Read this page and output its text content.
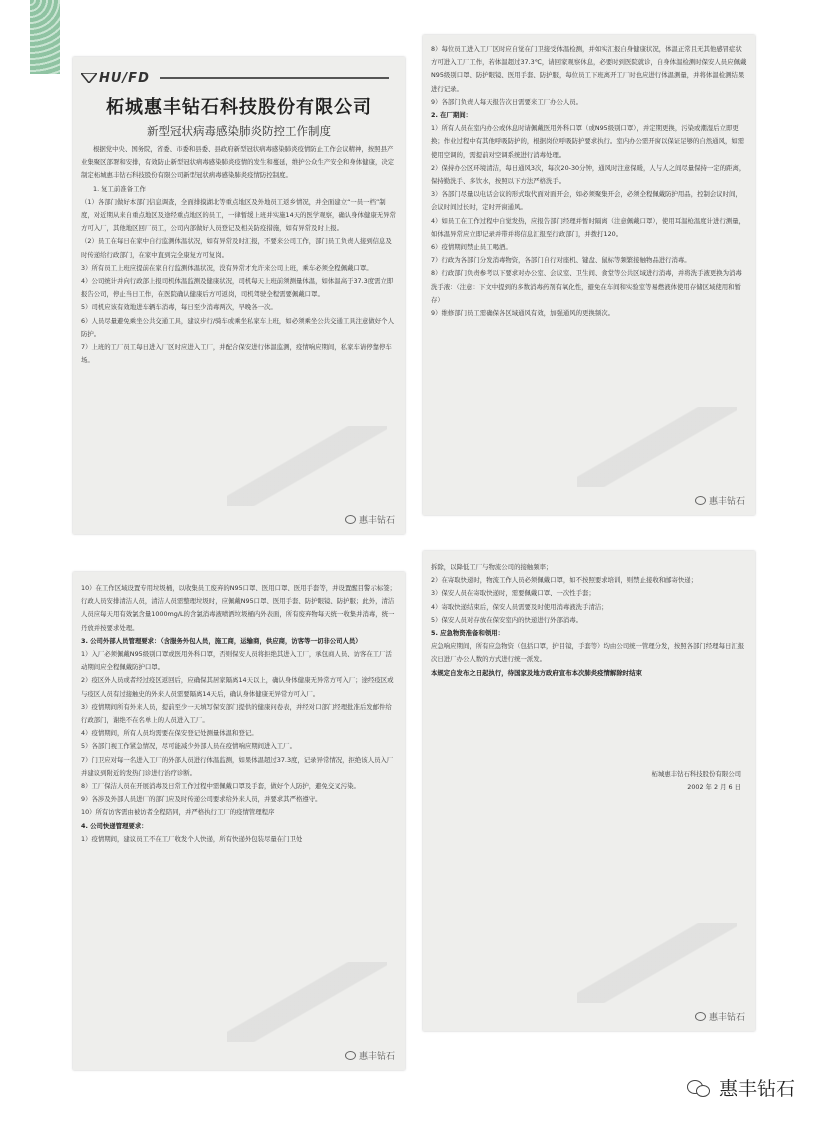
HU/FD
柘城惠丰钻石科技股份有限公司
新型冠状病毒感染肺炎防控工作制度

根据党中央、国务院，省委、市委和县委、县政府新型冠状病毒感染肺炎疫情防止工作会议精神，按照县产业集聚区部署和安排，有效防止新型冠状病毒感染肺炎疫情的发生和蔓延，维护公众生产安全和身体健康，决定制定柘城惠丰钻石科技股份有限公司新型冠状病毒感染肺炎疫情防控制度。

1. 复工前准备工作

（1）各部门做好本部门信息调查，全面排摸湖北等重点地区及外地员工返乡情况，并全面建立“一员一档”制度，对近期从来自重点地区及途经重点地区的员工，一律暂缓上班并实施14天的医学观察，确认身体健康无异常方可入厂，其他地区回厂员工，公司内部做好人员登记及相关防疫措施，如有异常及时上报。

（2）员工在每日在家中自行监测体温状况，如有异常及时汇报，不要来公司工作，部门员工负责人接到信息及时传递给行政部门，在家中直到完全康复方可复岗。

3）所有员工上班应提前在家自行监测体温状况，没有异常才允许来公司上班，乘车必须全程佩戴口罩。

4）公司统计并向行政部上报司机体温监测及健康状况，司机每天上班前须测量体温，如体温高于37.3度需立即报告公司，停止当日工作，在医院确认健康后方可返岗，司机驾驶全程需要佩戴口罩。

5）司机应该有效地进车辆车消毒，每日至少消毒两次，早晚各一次。

6）人员尽量避免乘坐公共交通工具，建议步行/骑车或乘坐私家车上班，如必须乘坐公共交通工具注意做好个人防护。

7）上班的工厂员工每日进入厂区时应进入工厂，并配合保安进行体温监测，疫情响应期间，私家车请停靠停车场。

惠丰钻石

8）每位员工进入工厂区时应自觉在门卫接受体温检测，并如实汇报自身健康状况，体温正常且无其他感冒症状方可进入工厂工作，若体温超过37.3℃，请回家观察休息，必要时到医院就诊，自身体温检测时保安人员应佩戴N95级别口罩、防护眼镜、医用手套、防护服，每位员工下班离开工厂时也应进行体温测量，并将体温检测结果进行记录。

9）各部门负责人每天报告次日需要来工厂办公人员。

2. 在厂期间：

1）所有人员在室内办公或休息时请佩戴医用外科口罩（或N95级别口罩），并定期更换，污染或潮湿后立即更换；作业过程中有其他呼吸防护的，根据岗位呼吸防护要求执行。室内办公需开窗以保证足够的自然通风，如需使用空调的，需提前对空调系统进行消毒处理。

2）保持办公区环境清洁，每日通风3次，每次20-30分钟，通风时注意保暖，人与人之间尽量保持一定的距离，保持勤洗手、多饮水，按照以下方法严格洗手。

3）各部门尽量以电话会议的形式取代面对面开会，如必须聚集开会，必须全程佩戴防护用品，控制会议时间，会议时间过长时，定时开窗通风。

4）如员工在工作过程中自觉发热，应报告部门经理并暂时隔离（注意佩戴口罩），使用耳温枪温度计进行测量，如体温异常应立即记录并带并将信息汇报至行政部门，并拨打120。

6）疫情期间禁止员工喝酒。

7）行政为各部门分发消毒物资，各部门自行对座机、键盘、鼠标等频繁接触物品进行消毒。

8）行政部门负责参考以下要求对办公室、会议室、卫生间、食堂等公共区域进行消毒，并将洗手液更换为消毒洗手液：（注意：下文中提到的多数消毒药剂有氧化性，避免在车间和实验室等易燃液体使用存储区域使用和暂存）

9）维修部门员工需确保各区域通风有效，加强通风的更换频次。

惠丰钻石

10）在工作区域设置专用垃圾桶，以收集员工废弃的N95口罩、医用口罩、医用手套等，并设置醒目警示标签；行政人员安排清洁人员，清洁人员需整理垃圾时，应佩戴N95口罩、医用手套、防护眼镜、防护服；此外，清洁人员应每天用有效氯含量1000mg/L的含氯消毒液喷洒垃圾桶内外表面，所有废弃物每天统一收集并消毒，统一丹放并按要求处理。

3. 公司外部人员管理要求：（含服务外包人员，施工商，运输商，供应商，访客等一切非公司人员）

1）入厂必须佩戴N95级别口罩或医用外科口罩，否则保安人员将拒绝其进入工厂，承包商人员、访客在工厂活动期间应全程佩戴防护口罩。

2）疫区外人员或者经过疫区返回后，应确保其居家隔离14天以上，确认身体健康无异常方可入厂；途经疫区或与疫区人员有过接触史的外来人员需要隔离14天后，确认身体健康无异常方可入厂。

3）疫情期间所有外来人员，提前至少一天填写保安部门提供的健康问卷表，并经对口部门经理批准后发邮件给行政部门，谢绝不在名单上的人员进入工厂。

4）疫情期间，所有人员均需要在保安登记处测量体温和登记。

5）各部门视工作紧急情况，尽可能减少外部人员在疫情响应期间进入工厂。

7）门卫应对每一名进入工厂的外部人员进行体温监测，如果体温超过37.3度，记录异常情况，拒绝该人员入厂并建议到附近的发热门诊进行治疗诊断。

8）工厂保洁人员在开展消毒及日常工作过程中需佩戴口罩及手套，做好个人防护，避免交叉污染。

9）各涉及外部人员进厂的部门应及时传递公司要求给外来人员，并要求其严格遵守。

10）所有访客需由被访者全程陪同，并严格执行工厂的疫情管理程序

4. 公司快递管理要求：

1）疫情期间，建议员工不在工厂收发个人快递，所有快递外包装尽量在门卫处

惠丰钻石

拆除，以降低工厂与物流公司的接触频率；

2）在寄取快递时，物流工作人员必须佩戴口罩，如不按照要求培训，则禁止接收和邮寄快递；

3）保安人员在寄取快递时，需要佩戴口罩、一次性手套；

4）寄取快递结束后，保安人员需要及时使用消毒液洗手清洁；

5）保安人员对存放在保安室内的快递进行外部消毒。

5. 应急物资准备和领用：

应急响应期间，所有应急物资（包括口罩，护目镜，手套等）均由公司统一管理分发，按照各部门经理每日汇报次日进厂办公人数的方式进行统一派发。

本规定自发布之日起执行，待国家及地方政府宣布本次肺炎疫情解除时结束

柘城惠丰钻石科技股份有限公司

2002 年 2 月 6 日

惠丰钻石
惠丰钻石
